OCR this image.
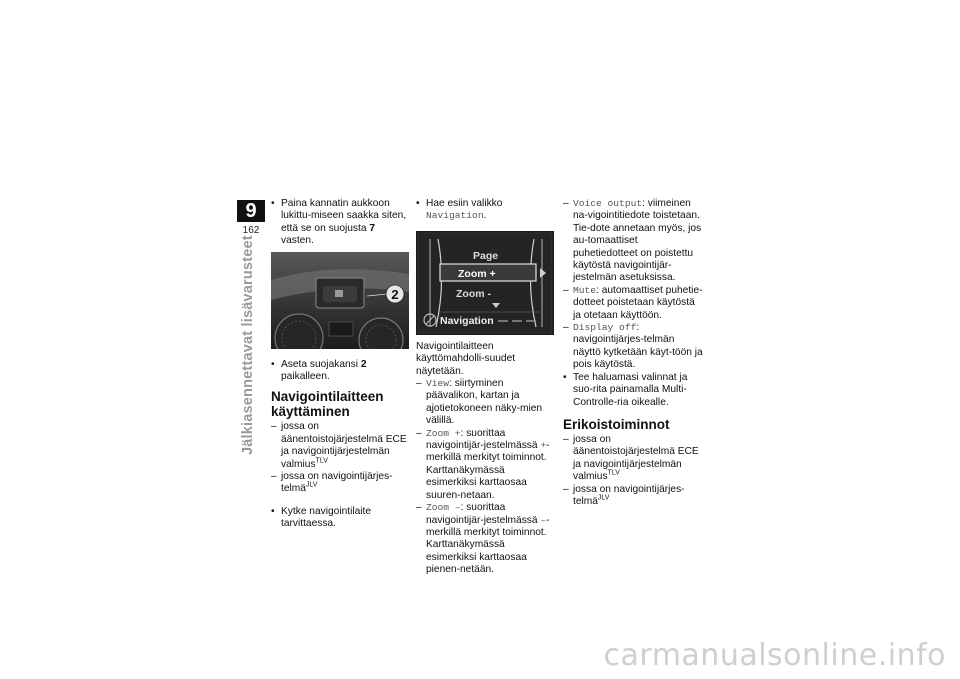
9
162
Jälkiasennettavat lisävarusteet
• Paina kannatin aukkoon lukittu-miseen saakka siten, että se on suojusta 7 vasten.
2
• Aseta suojakansi 2 paikalleen.
Navigointilaitteen käyttäminen
– jossa on äänentoistojärjestelmä ECE ja navigointijärjestelmän valmius$^{TLV}$
– jossa on navigointijärjes-telmä$^{JLV}$
• Kytke navigointilaite tarvittaessa.
• Hae esiin valikko Navigation.
Page
Zoom +
Zoom -
Navigation

Navigointilaitteen käyttömahdolli-suudet näytetään.

– View: siirtyminen päävalikon, kartan ja ajotietokoneen näky-mien välillä.
– Zoom +: suorittaa navigointijär-jestelmässä +-merkillä merkityt toiminnot. Karttanäkymässä esimerkiksi karttaosaa suuren-netaan.
– Zoom –: suorittaa navigointijär-jestelmässä –-merkillä merkityt toiminnot. Karttanäkymässä esimerkiksi karttaosaa pienen-netään.
– Voice output: viimeinen na-vigointitiedote toistetaan. Tie-dote annetaan myös, jos au-tomaattiset puhetiedotteet on poistettu käytöstä navigointijär-jestelmän asetuksissa.
– Mute: automaattiset puhetie-dotteet poistetaan käytöstä ja otetaan käyttöön.
– Display off: navigointijärjes-telmän näyttö kytketään käyt-töön ja pois käytöstä.
• Tee haluamasi valinnat ja suo-rita painamalla Multi-Controlle-ria oikealle.
Erikoistoiminnot
– jossa on äänentoistojärjestelmä ECE ja navigointijärjestelmän valmius$^{TLV}$
– jossa on navigointijärjes-telmä$^{JLV}$
carmanualsonline.info
